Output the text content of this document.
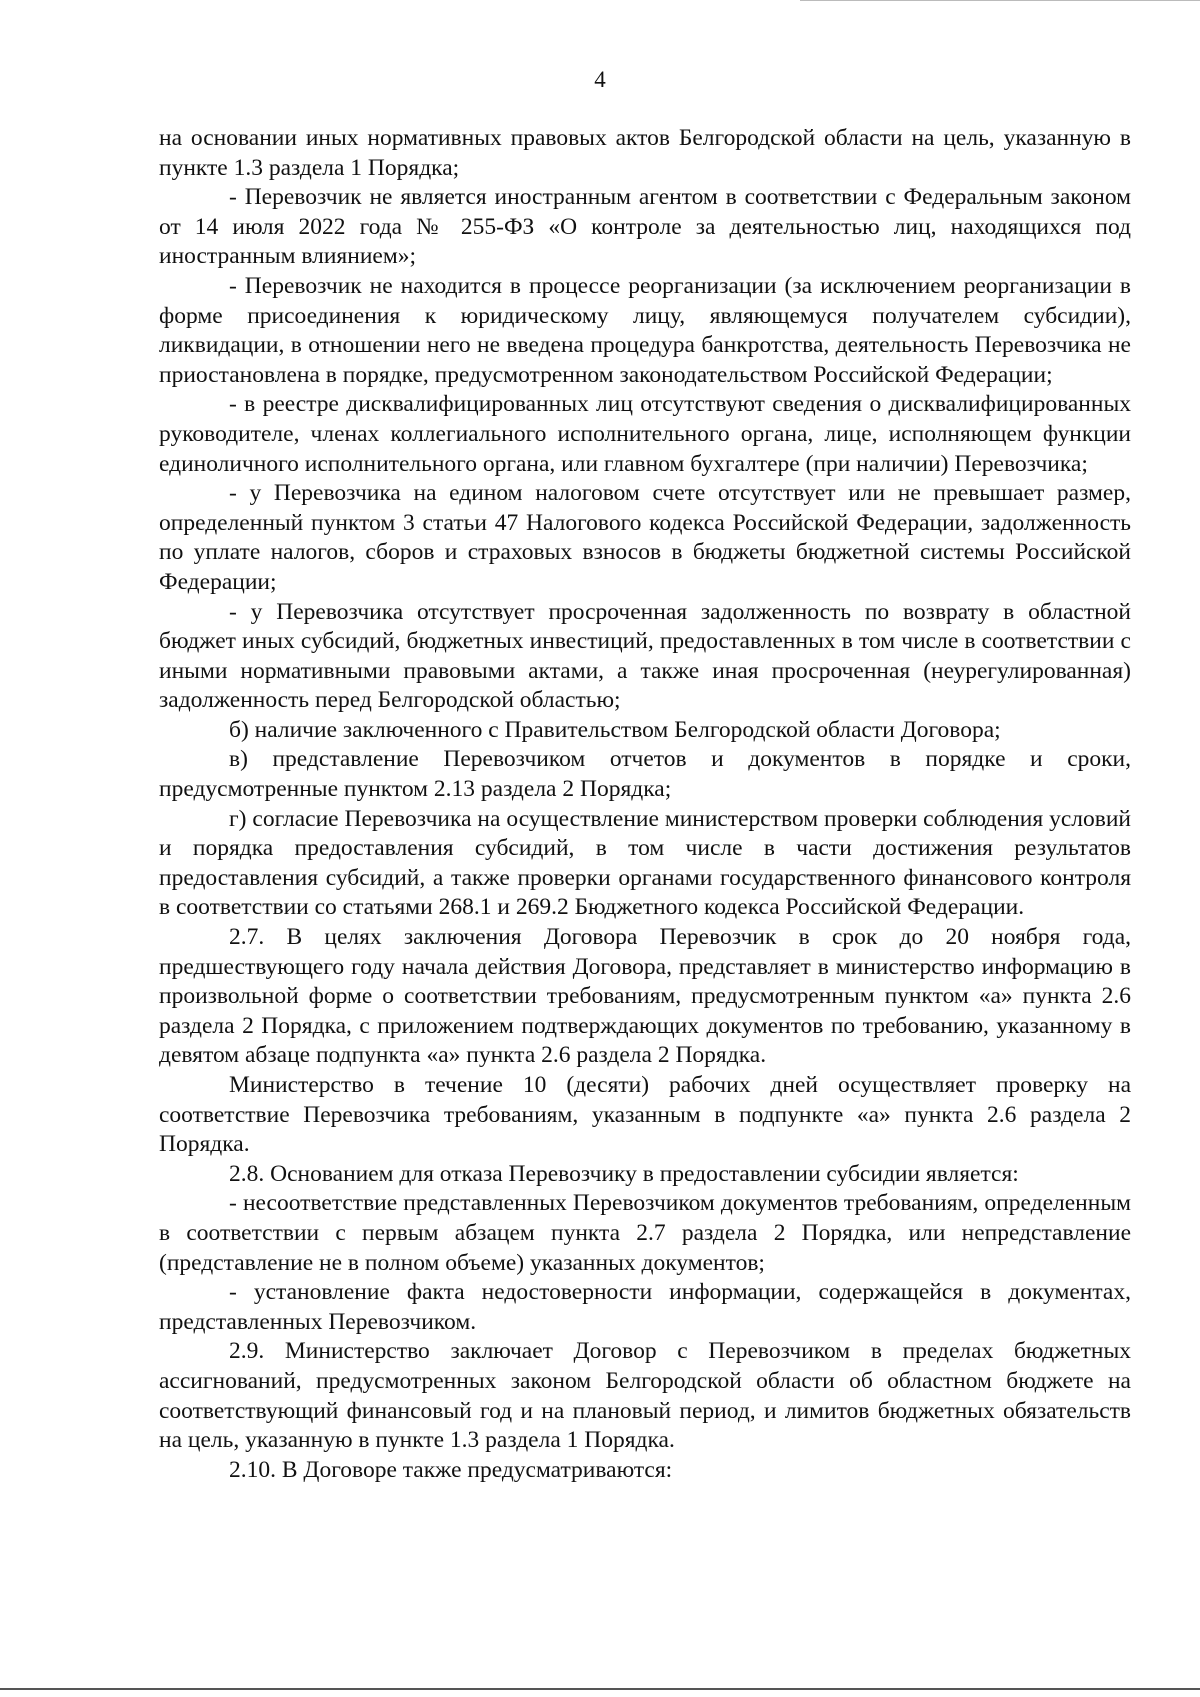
4

на основании иных нормативных правовых актов Белгородской области на цель, указанную в пункте 1.3 раздела 1 Порядка;

- Перевозчик не является иностранным агентом в соответствии с Федеральным законом от 14 июля 2022 года № 255-ФЗ «О контроле за деятельностью лиц, находящихся под иностранным влиянием»;

- Перевозчик не находится в процессе реорганизации (за исключением реорганизации в форме присоединения к юридическому лицу, являющемуся получателем субсидии), ликвидации, в отношении него не введена процедура банкротства, деятельность Перевозчика не приостановлена в порядке, предусмотренном законодательством Российской Федерации;

- в реестре дисквалифицированных лиц отсутствуют сведения о дисквалифицированных руководителе, членах коллегиального исполнительного органа, лице, исполняющем функции единоличного исполнительного органа, или главном бухгалтере (при наличии) Перевозчика;

- у Перевозчика на едином налоговом счете отсутствует или не превышает размер, определенный пунктом 3 статьи 47 Налогового кодекса Российской Федерации, задолженность по уплате налогов, сборов и страховых взносов в бюджеты бюджетной системы Российской Федерации;

- у Перевозчика отсутствует просроченная задолженность по возврату в областной бюджет иных субсидий, бюджетных инвестиций, предоставленных в том числе в соответствии с иными нормативными правовыми актами, а также иная просроченная (неурегулированная) задолженность перед Белгородской областью;

б) наличие заключенного с Правительством Белгородской области Договора;

в) представление Перевозчиком отчетов и документов в порядке и сроки, предусмотренные пунктом 2.13 раздела 2 Порядка;

г) согласие Перевозчика на осуществление министерством проверки соблюдения условий и порядка предоставления субсидий, в том числе в части достижения результатов предоставления субсидий, а также проверки органами государственного финансового контроля в соответствии со статьями 268.1 и 269.2 Бюджетного кодекса Российской Федерации.

2.7. В целях заключения Договора Перевозчик в срок до 20 ноября года, предшествующего году начала действия Договора, представляет в министерство информацию в произвольной форме о соответствии требованиям, предусмотренным пунктом «а» пункта 2.6 раздела 2 Порядка, с приложением подтверждающих документов по требованию, указанному в девятом абзаце подпункта «а» пункта 2.6 раздела 2 Порядка.

Министерство в течение 10 (десяти) рабочих дней осуществляет проверку на соответствие Перевозчика требованиям, указанным в подпункте «а» пункта 2.6 раздела 2 Порядка.

2.8. Основанием для отказа Перевозчику в предоставлении субсидии является:

- несоответствие представленных Перевозчиком документов требованиям, определенным в соответствии с первым абзацем пункта 2.7 раздела 2 Порядка, или непредставление (представление не в полном объеме) указанных документов;

- установление факта недостоверности информации, содержащейся в документах, представленных Перевозчиком.

2.9. Министерство заключает Договор с Перевозчиком в пределах бюджетных ассигнований, предусмотренных законом Белгородской области об областном бюджете на соответствующий финансовый год и на плановый период, и лимитов бюджетных обязательств на цель, указанную в пункте 1.3 раздела 1 Порядка.

2.10. В Договоре также предусматриваются:
